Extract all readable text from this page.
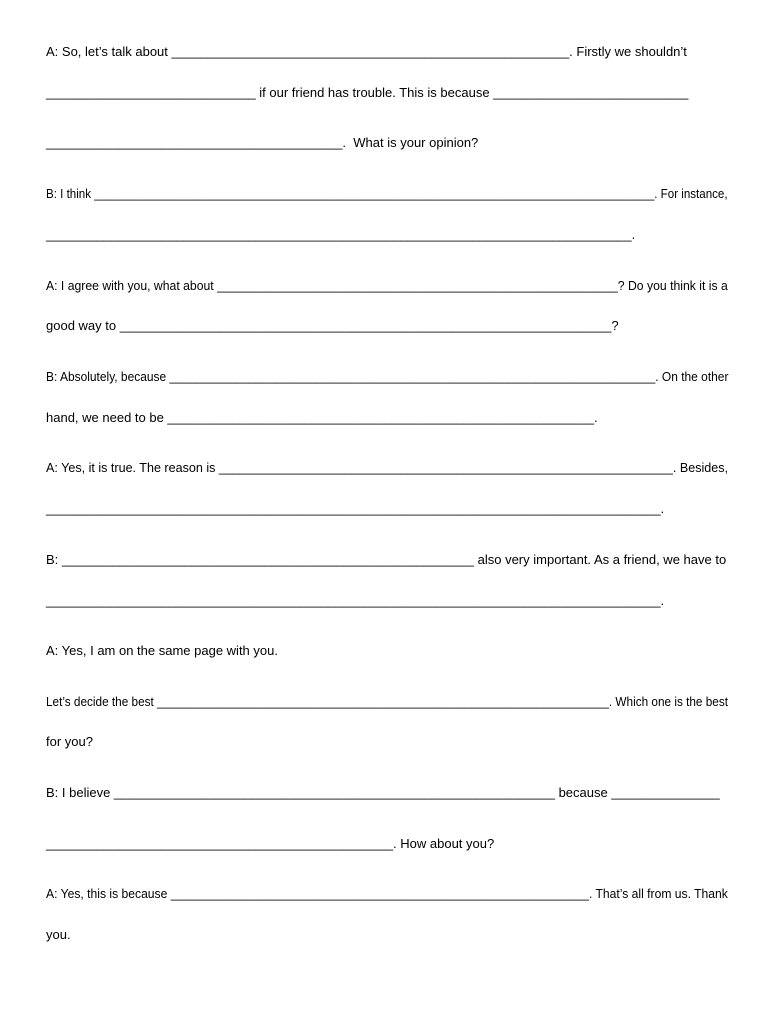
A: So, let’s talk about _______________________________________________________. Firstly we shouldn’t
_____________________________ if our friend has trouble. This is because ___________________________
_________________________________________.  What is your opinion?
B: I think _______________________________________________________________________________________. For instance,
_________________________________________________________________________________.
A: I agree with you, what about ___________________________________________________________? Do you think it is a
good way to ____________________________________________________________________?
B: Absolutely, because _________________________________________________________________________. On the other
hand, we need to be ___________________________________________________________.
A: Yes, it is true. The reason is _________________________________________________________________. Besides,
_____________________________________________________________________________________.
B: _________________________________________________________ also very important. As a friend, we have to
_____________________________________________________________________________________.
A: Yes, I am on the same page with you.
Let’s decide the best _____________________________________________________________________. Which one is the best
for you?
B: I believe _____________________________________________________________ because _______________
________________________________________________. How about you?
A: Yes, this is because ______________________________________________________________. That’s all from us. Thank
you.
